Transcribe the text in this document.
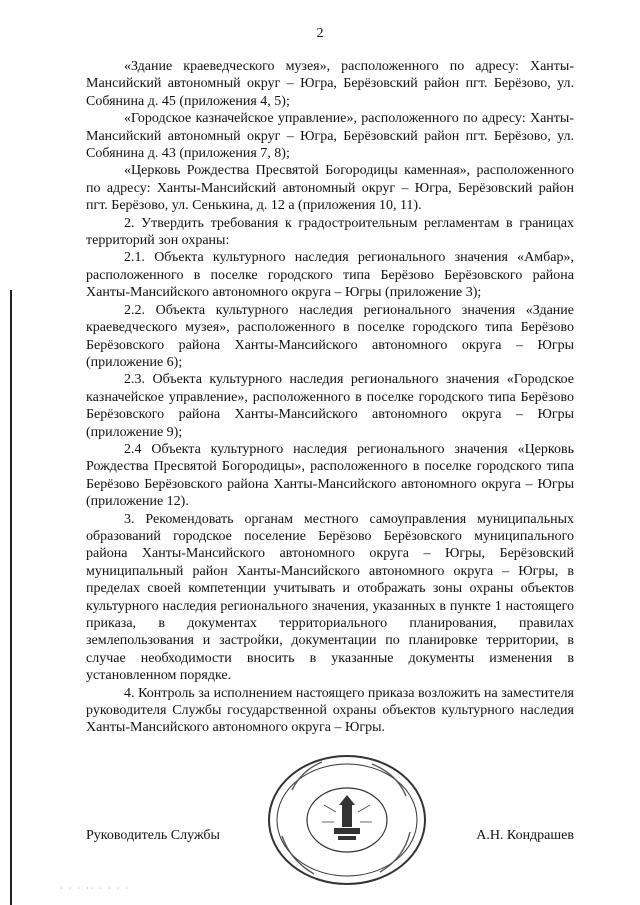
2

«Здание краеведческого музея», расположенного по адресу: Ханты-Мансийский автономный округ – Югра, Берёзовский район пгт. Берёзово, ул. Собянина д. 45 (приложения 4, 5);

«Городское казначейское управление», расположенного по адресу: Ханты-Мансийский автономный округ – Югра, Берёзовский район пгт. Берёзово, ул. Собянина д. 43 (приложения 7, 8);

«Церковь Рождества Пресвятой Богородицы каменная», расположенного по адресу: Ханты-Мансийский автономный округ – Югра, Берёзовский район пгт. Берёзово, ул. Сенькина, д. 12 а (приложения 10, 11).

2. Утвердить требования к градостроительным регламентам в границах территорий зон охраны:

2.1. Объекта культурного наследия регионального значения «Амбар», расположенного в поселке городского типа Берёзово Берёзовского района Ханты-Мансийского автономного округа – Югры (приложение 3);

2.2. Объекта культурного наследия регионального значения «Здание краеведческого музея», расположенного в поселке городского типа Берёзово Берёзовского района Ханты-Мансийского автономного округа – Югры (приложение 6);

2.3. Объекта культурного наследия регионального значения «Городское казначейское управление», расположенного в поселке городского типа Берёзово Берёзовского района Ханты-Мансийского автономного округа – Югры (приложение 9);

2.4 Объекта культурного наследия регионального значения «Церковь Рождества Пресвятой Богородицы», расположенного в поселке городского типа Берёзово Берёзовского района Ханты-Мансийского автономного округа – Югры (приложение 12).

3. Рекомендовать органам местного самоуправления муниципальных образований городское поселение Берёзово Берёзовского муниципального района Ханты-Мансийского автономного округа – Югры, Берёзовский муниципальный район Ханты-Мансийского автономного округа – Югры, в пределах своей компетенции учитывать и отображать зоны охраны объектов культурного наследия регионального значения, указанных в пункте 1 настоящего приказа, в документах территориального планирования, правилах землепользования и застройки, документации по планировке территории, в случае необходимости вносить в указанные документы изменения в установленном порядке.

4. Контроль за исполнением настоящего приказа возложить на заместителя руководителя Службы государственной охраны объектов культурного наследия Ханты-Мансийского автономного округа – Югры.

Руководитель Службы	А.Н. Кондрашев
· · · ·· · · · ·
